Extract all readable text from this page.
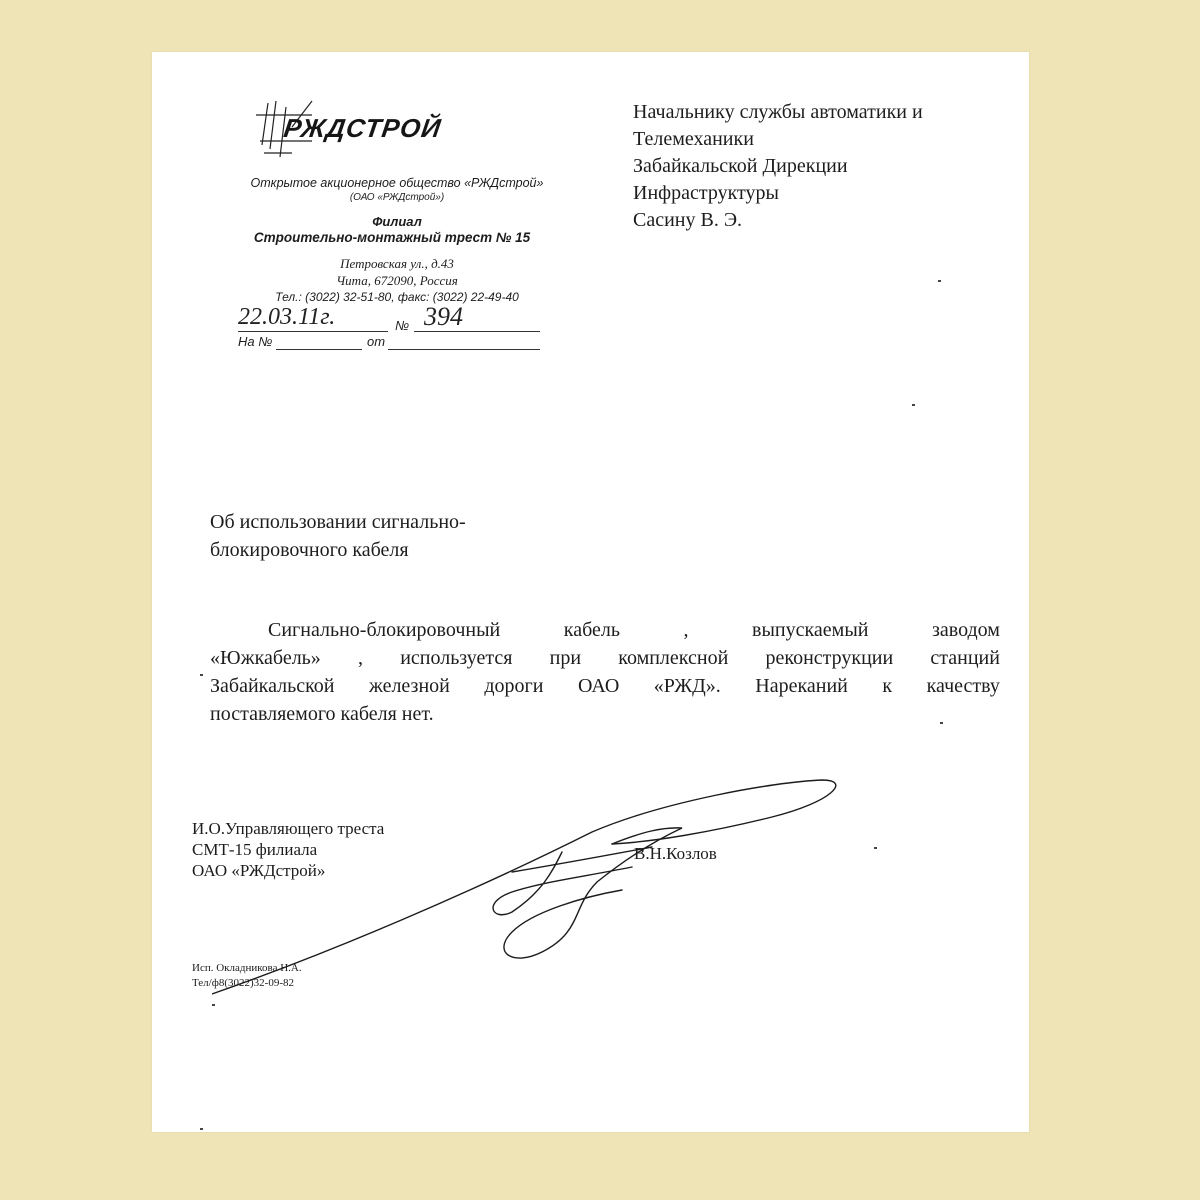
РЖДСТРОЙ
Открытое акционерное общество «РЖДстрой»
(ОАО «РЖДстрой»)
Филиал
Строительно-монтажный трест № 15
Петровская ул., д.43
Чита, 672090, Россия
Тел.: (3022) 32-51-80, факс: (3022) 22-49-40
22.03.11г.	№ 394
На №	от
Начальнику службы автоматики и
Телемеханики
Забайкальской Дирекции
Инфраструктуры
Сасину В. Э.
Об использовании сигнально-
блокировочного кабеля
Сигнально-блокировочный	кабель	,	выпускаемый	заводом
«Южкабель» , используется при комплексной реконструкции станций
Забайкальской железной дороги ОАО «РЖД». Нареканий к качеству
поставляемого кабеля нет.
И.О.Управляющего треста
СМТ-15 филиала
ОАО «РЖДстрой»
В.Н.Козлов
Исп. Окладникова Н.А.
Тел/ф8(3022)32-09-82
